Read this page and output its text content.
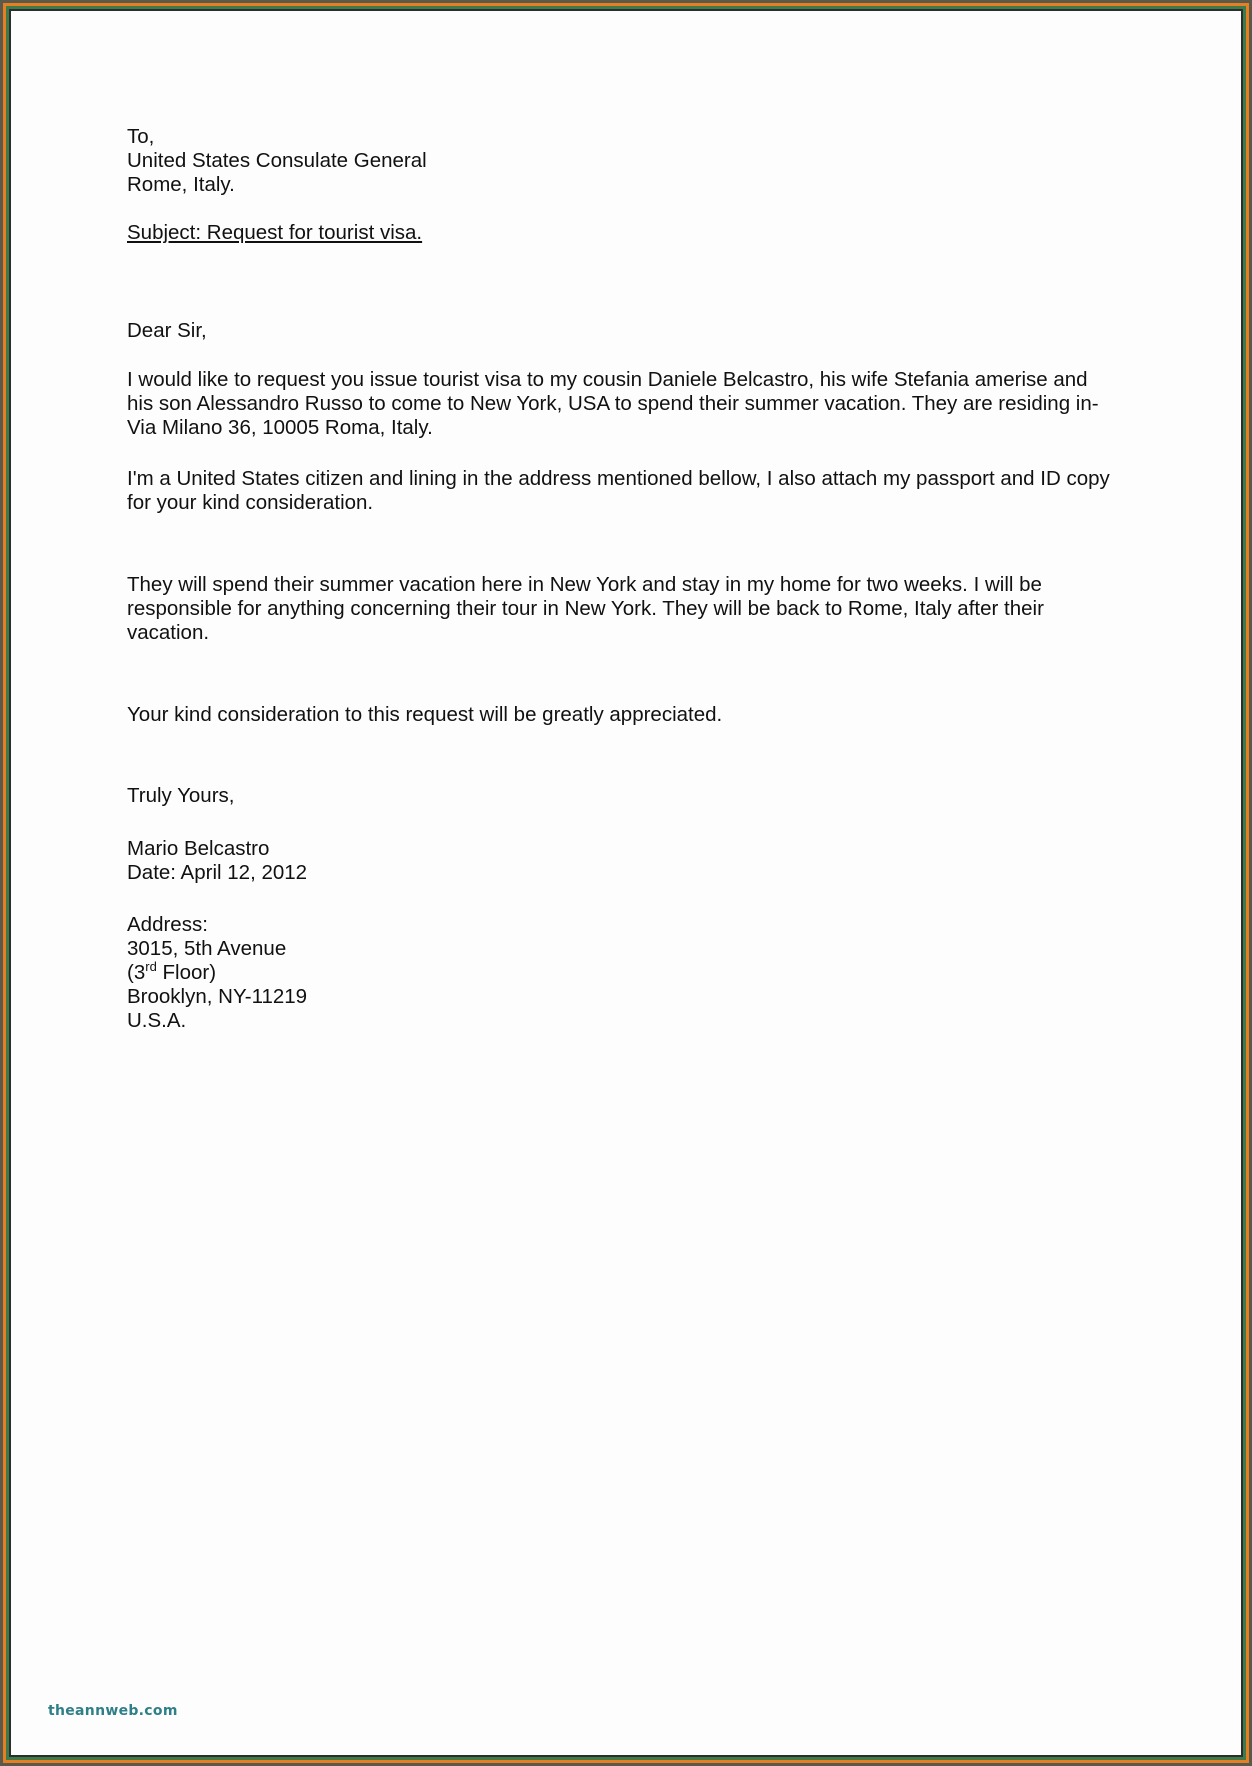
To,
United States Consulate General
Rome, Italy.

Subject: Request for tourist visa.

Dear Sir,

I would like to request you issue tourist visa to my cousin Daniele Belcastro, his wife Stefania amerise and
his son Alessandro Russo to come to New York, USA to spend their summer vacation. They are residing in-
Via Milano 36, 10005 Roma, Italy.

I'm a United States citizen and lining in the address mentioned bellow, I also attach my passport and ID copy
for your kind consideration.

They will spend their summer vacation here in New York and stay in my home for two weeks. I will be
responsible for anything concerning their tour in New York. They will be back to Rome, Italy after their
vacation.

Your kind consideration to this request will be greatly appreciated.

Truly Yours,

Mario Belcastro
Date: April 12, 2012

Address:
3015, 5th Avenue
(3rd Floor)
Brooklyn, NY-11219
U.S.A.

theannweb.com
